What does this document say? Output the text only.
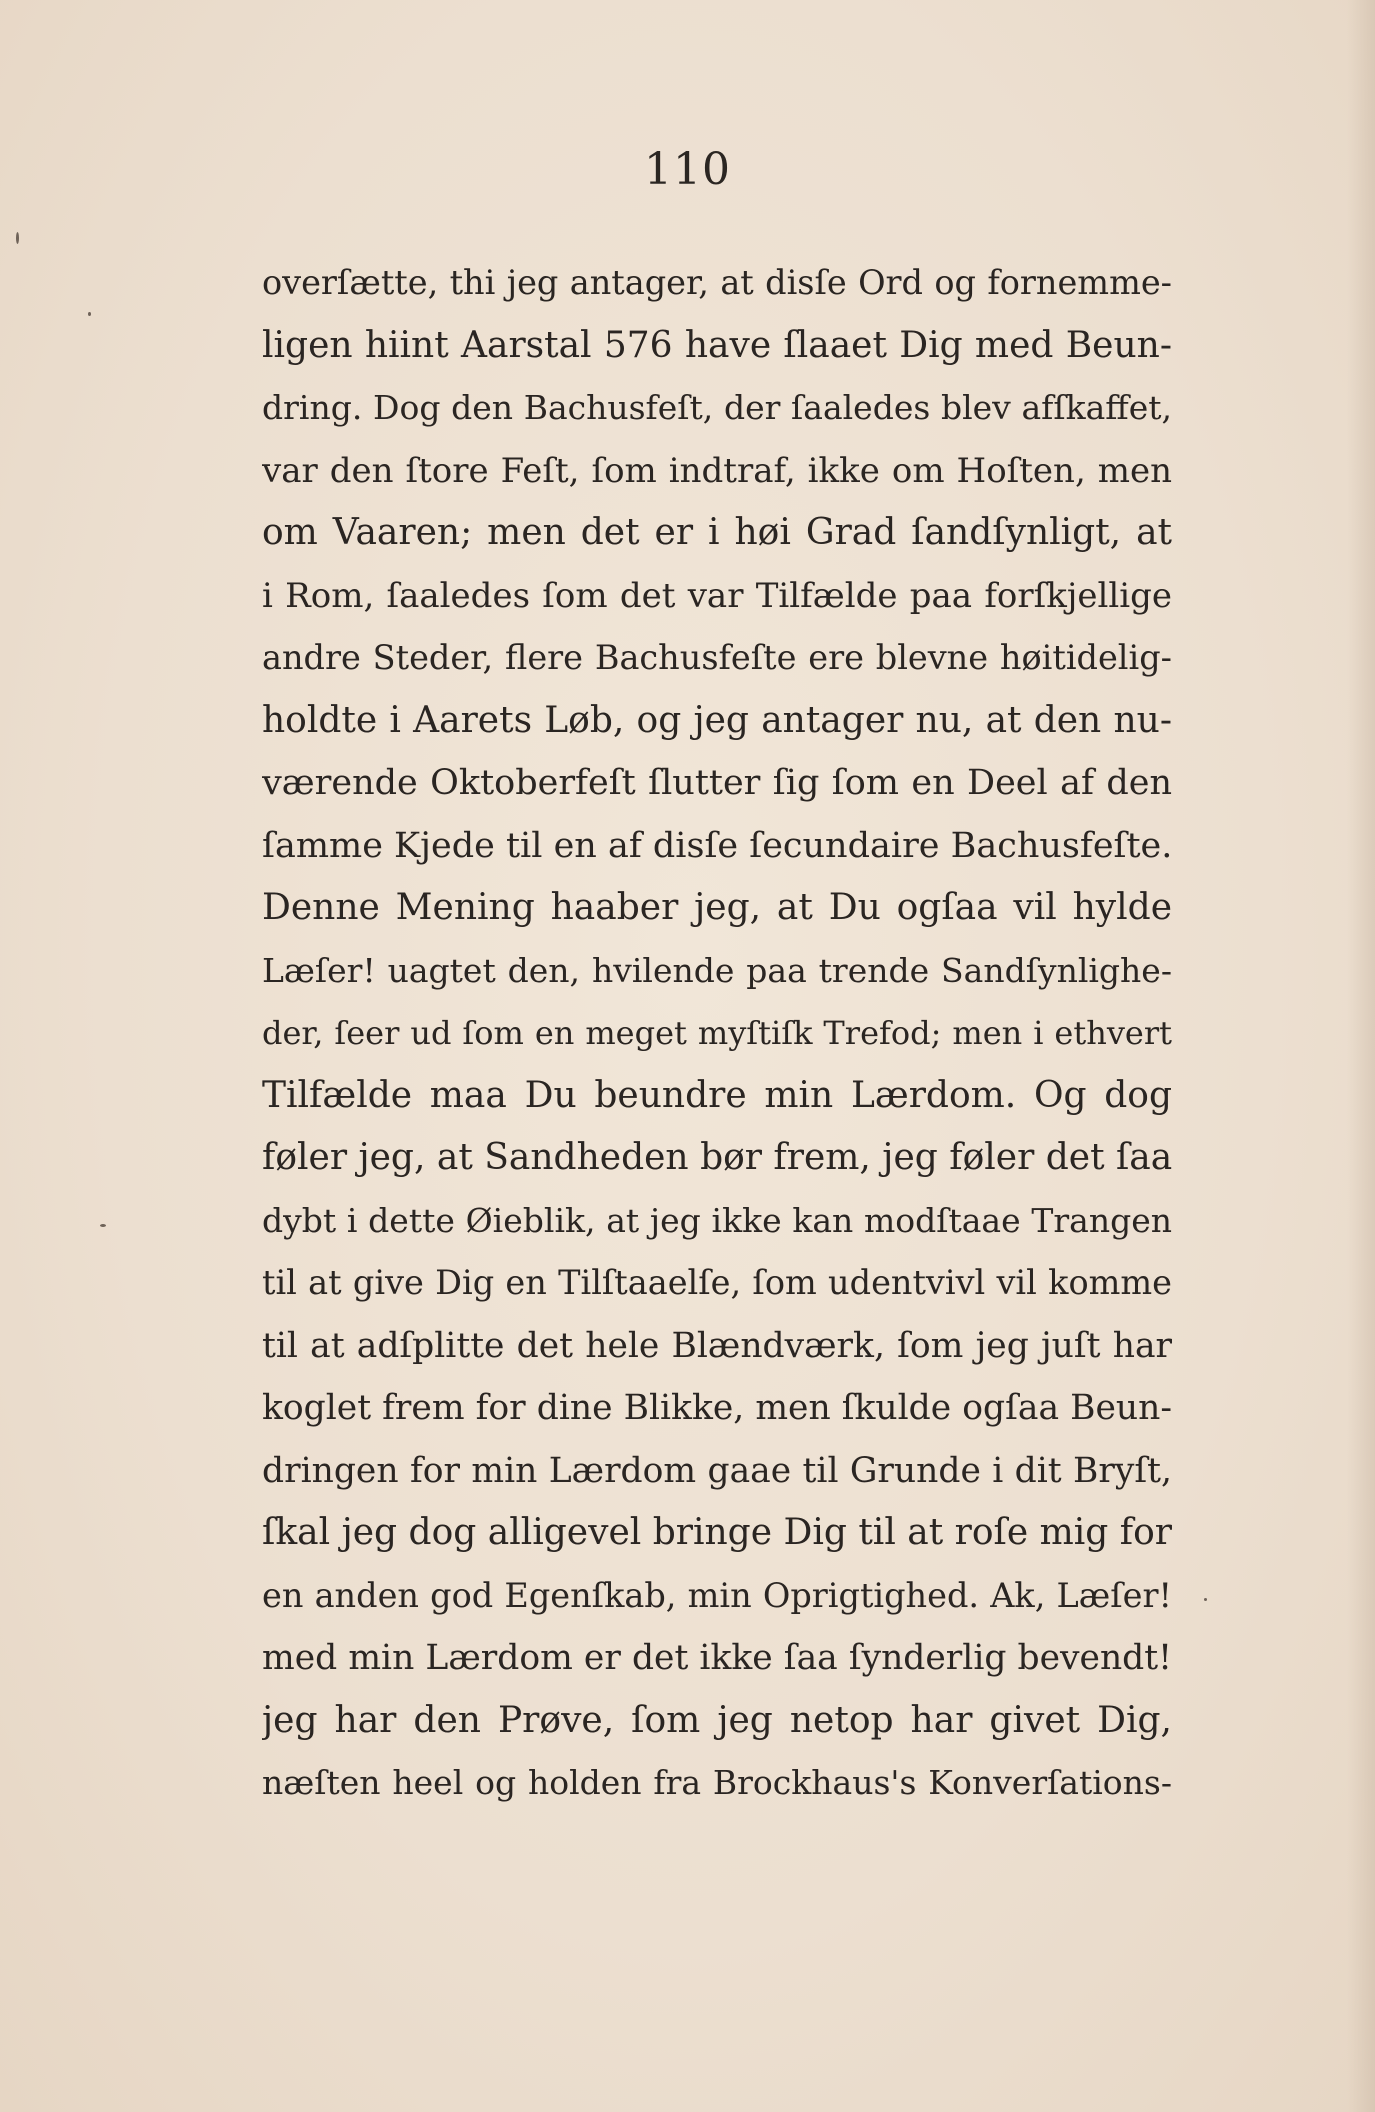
110
overſætte, thi jeg antager, at disſe Ord og fornemme-
ligen hiint Aarstal 576 have ſlaaet Dig med Beun-
dring. Dog den Bachusfeſt, der ſaaledes blev afſkaffet,
var den ſtore Feſt, ſom indtraf, ikke om Hoſten, men
om Vaaren; men det er i høi Grad ſandſynligt, at
i Rom, ſaaledes ſom det var Tilfælde paa forſkjellige
andre Steder, flere Bachusfeſte ere blevne høitidelig-
holdte i Aarets Løb, og jeg antager nu, at den nu-
værende Oktoberfeſt ſlutter ſig ſom en Deel af den
ſamme Kjede til en af disſe ſecundaire Bachusfeſte.
Denne Mening haaber jeg, at Du ogſaa vil hylde
Læſer! uagtet den, hvilende paa trende Sandſynlighe-
der, ſeer ud ſom en meget myſtiſk Trefod; men i ethvert
Tilfælde maa Du beundre min Lærdom. Og dog
føler jeg, at Sandheden bør frem, jeg føler det ſaa
dybt i dette Øieblik, at jeg ikke kan modſtaae Trangen
til at give Dig en Tilſtaaelſe, ſom udentvivl vil komme
til at adſplitte det hele Blændværk, ſom jeg juſt har
koglet frem for dine Blikke, men ſkulde ogſaa Beun-
dringen for min Lærdom gaae til Grunde i dit Bryſt,
ſkal jeg dog alligevel bringe Dig til at roſe mig for
en anden god Egenſkab, min Oprigtighed. Ak, Læſer!
med min Lærdom er det ikke ſaa ſynderlig bevendt!
jeg har den Prøve, ſom jeg netop har givet Dig,
næſten heel og holden fra Brockhaus's Konverſations-
